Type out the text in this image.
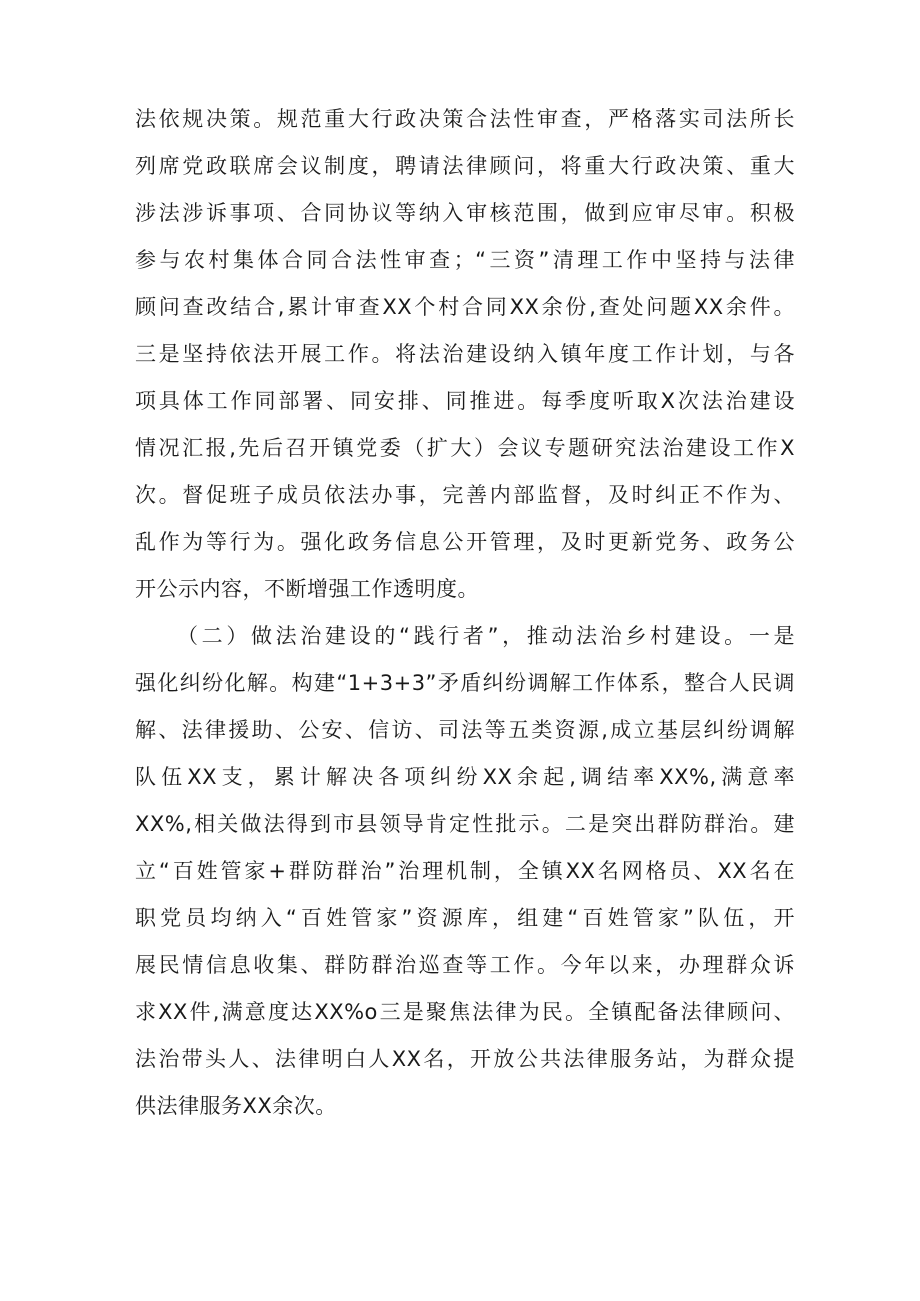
法依规决策。规范重大行政决策合法性审查，严格落实司法所长
列席党政联席会议制度，聘请法律顾问，将重大行政决策、重大
涉法涉诉事项、合同协议等纳入审核范围，做到应审尽审。积极
参与农村集体合同合法性审查；“三资”清理工作中坚持与法律
顾问查改结合,累计审查XX个村合同XX余份,查处问题XX余件。
三是坚持依法开展工作。将法治建设纳入镇年度工作计划，与各
项具体工作同部署、同安排、同推进。每季度听取X次法治建设
情况汇报,先后召开镇党委（扩大）会议专题研究法治建设工作X
次。督促班子成员依法办事，完善内部监督，及时纠正不作为、
乱作为等行为。强化政务信息公开管理，及时更新党务、政务公
开公示内容，不断增强工作透明度。
（二）做法治建设的“践行者”，推动法治乡村建设。一是
强化纠纷化解。构建“1+3+3”矛盾纠纷调解工作体系，整合人民调
解、法律援助、公安、信访、司法等五类资源,成立基层纠纷调解
队伍XX支，累计解决各项纠纷XX余起,调结率XX%,满意率
XX%,相关做法得到市县领导肯定性批示。二是突出群防群治。建
立“百姓管家+群防群治”治理机制，全镇XX名网格员、XX名在
职党员均纳入“百姓管家”资源库，组建“百姓管家”队伍，开
展民情信息收集、群防群治巡查等工作。今年以来，办理群众诉
求XX件,满意度达XX%o三是聚焦法律为民。全镇配备法律顾问、
法治带头人、法律明白人XX名，开放公共法律服务站，为群众提
供法律服务XX余次。
